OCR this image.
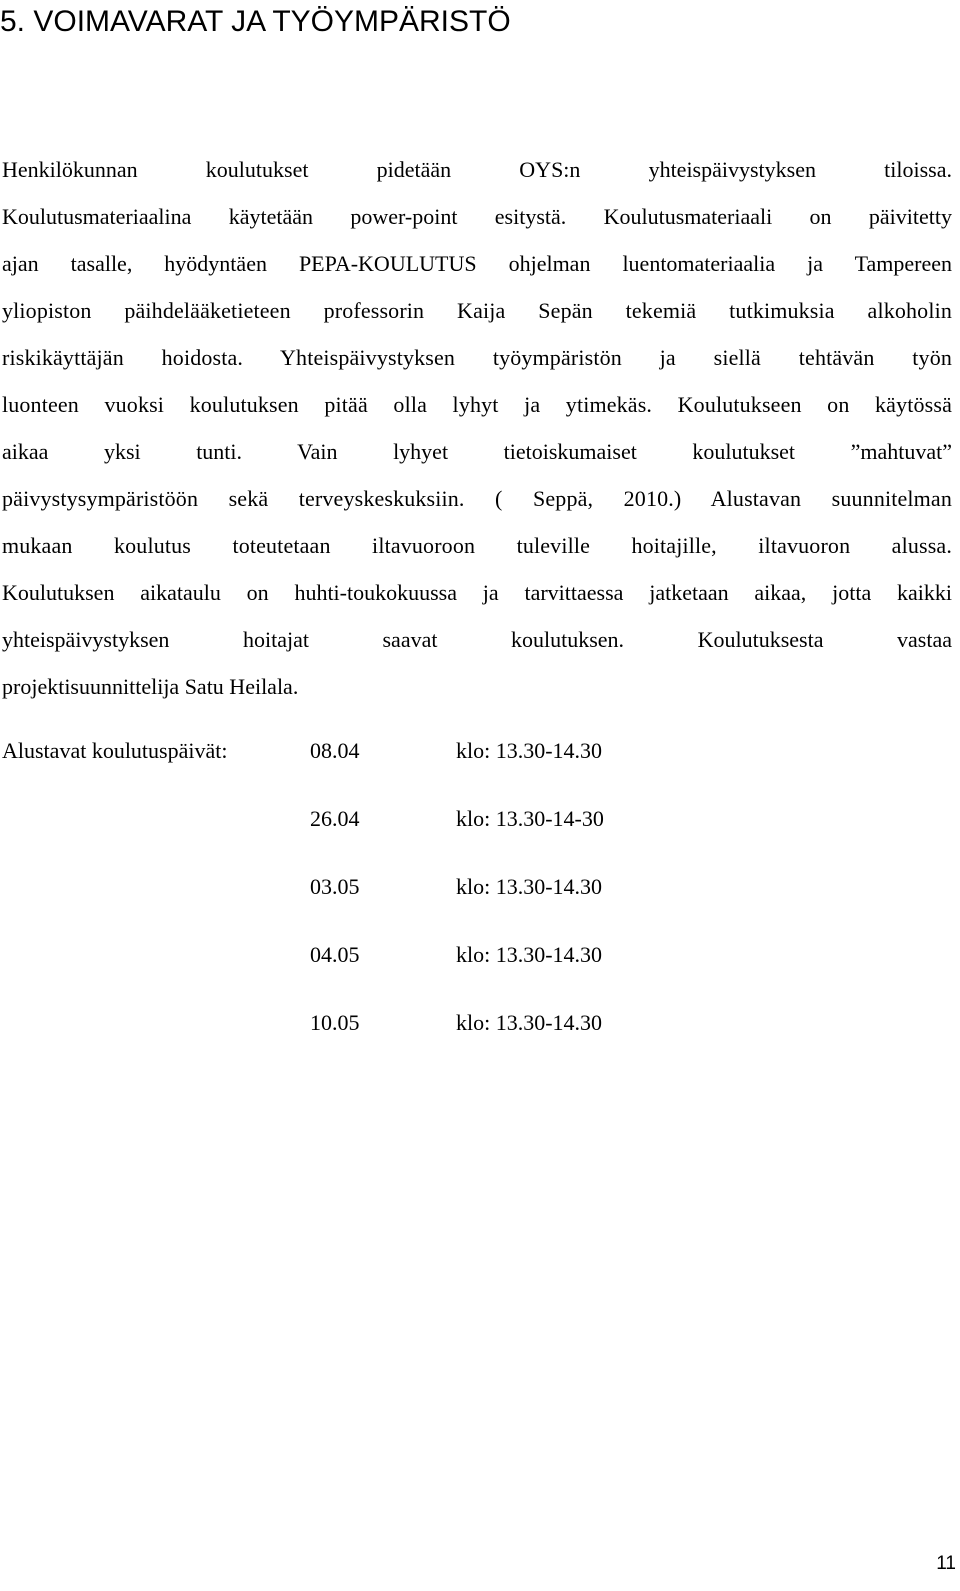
5. VOIMAVARAT JA TYÖYMPÄRISTÖ
Henkilökunnan koulutukset pidetään OYS:n yhteispäivystyksen tiloissa.
Koulutusmateriaalina käytetään power-point esitystä. Koulutusmateriaali on päivitetty
ajan tasalle, hyödyntäen PEPA-KOULUTUS ohjelman luentomateriaalia ja Tampereen
yliopiston päihdelääketieteen professorin Kaija Sepän tekemiä tutkimuksia alkoholin
riskikäyttäjän hoidosta. Yhteispäivystyksen työympäristön ja siellä tehtävän työn
luonteen vuoksi koulutuksen pitää olla lyhyt ja ytimekäs. Koulutukseen on käytössä
aikaa yksi tunti. Vain lyhyet tietoiskumaiset koulutukset ”mahtuvat”
päivystysympäristöön sekä terveyskeskuksiin. ( Seppä, 2010.) Alustavan suunnitelman
mukaan koulutus toteutetaan iltavuoroon tuleville hoitajille, iltavuoron alussa.
Koulutuksen aikataulu on huhti-toukokuussa ja tarvittaessa jatketaan aikaa, jotta kaikki
yhteispäivystyksen hoitajat saavat koulutuksen. Koulutuksesta vastaa
projektisuunnittelija Satu Heilala.
Alustavat koulutuspäivät:	08.04	klo: 13.30-14.30
26.04	klo: 13.30-14-30
03.05	klo: 13.30-14.30
04.05	klo: 13.30-14.30
10.05	klo: 13.30-14.30
11
